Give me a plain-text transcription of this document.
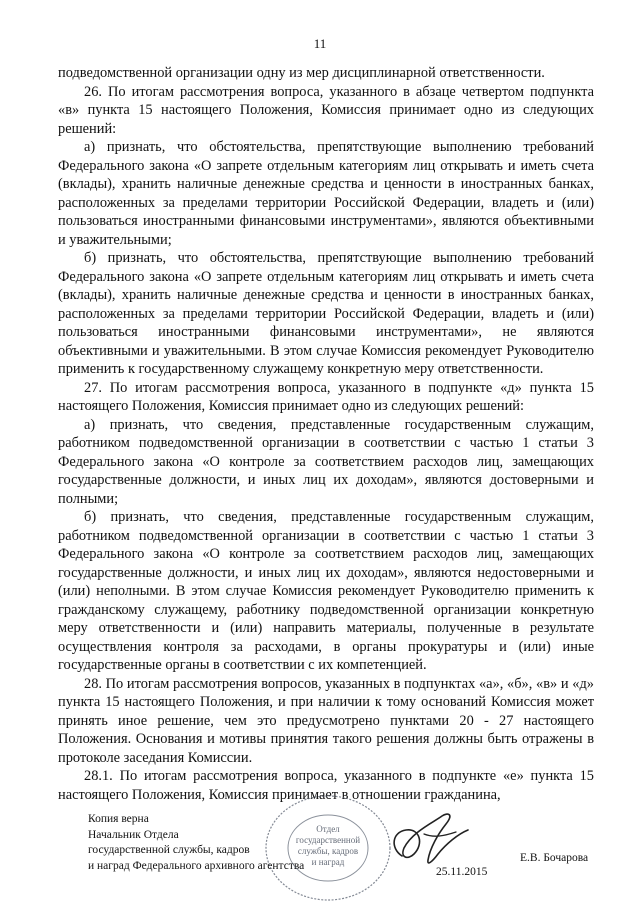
11

подведомственной организации одну из мер дисциплинарной ответственности.

26. По итогам рассмотрения вопроса, указанного в абзаце четвертом подпункта «в» пункта 15 настоящего Положения, Комиссия принимает одно из следующих решений:

а) признать, что обстоятельства, препятствующие выполнению требований Федерального закона «О запрете отдельным категориям лиц открывать и иметь счета (вклады), хранить наличные денежные средства и ценности в иностранных банках, расположенных за пределами территории Российской Федерации, владеть и (или) пользоваться иностранными финансовыми инструментами», являются объективными и уважительными;

б) признать, что обстоятельства, препятствующие выполнению требований Федерального закона «О запрете отдельным категориям лиц открывать и иметь счета (вклады), хранить наличные денежные средства и ценности в иностранных банках, расположенных за пределами территории Российской Федерации, владеть и (или) пользоваться иностранными финансовыми инструментами», не являются объективными и уважительными. В этом случае Комиссия рекомендует Руководителю применить к государственному служащему конкретную меру ответственности.

27. По итогам рассмотрения вопроса, указанного в подпункте «д» пункта 15 настоящего Положения, Комиссия принимает одно из следующих решений:

а) признать, что сведения, представленные государственным служащим, работником подведомственной организации в соответствии с частью 1 статьи 3 Федерального закона «О контроле за соответствием расходов лиц, замещающих государственные должности, и иных лиц их доходам», являются достоверными и полными;

б) признать, что сведения, представленные государственным служащим, работником подведомственной организации в соответствии с частью 1 статьи 3 Федерального закона «О контроле за соответствием расходов лиц, замещающих государственные должности, и иных лиц их доходам», являются недостоверными и (или) неполными. В этом случае Комиссия рекомендует Руководителю применить к гражданскому служащему, работнику подведомственной организации конкретную меру ответственности и (или) направить материалы, полученные в результате осуществления контроля за расходами, в органы прокуратуры и (или) иные государственные органы в соответствии с их компетенцией.

28. По итогам рассмотрения вопросов, указанных в подпунктах «а», «б», «в» и «д» пункта 15 настоящего Положения, и при наличии к тому оснований Комиссия может принять иное решение, чем это предусмотрено пунктами 20 - 27 настоящего Положения. Основания и мотивы принятия такого решения должны быть отражены в протоколе заседания Комиссии.

28.1. По итогам рассмотрения вопроса, указанного в подпункте «е» пункта 15 настоящего Положения, Комиссия принимает в отношении гражданина,

Копия верна
Начальник Отдела
государственной службы, кадров
и наград Федерального архивного агентства
Отдел
государственной
службы, кадров
и наград
25.11.2015
Е.В. Бочарова
